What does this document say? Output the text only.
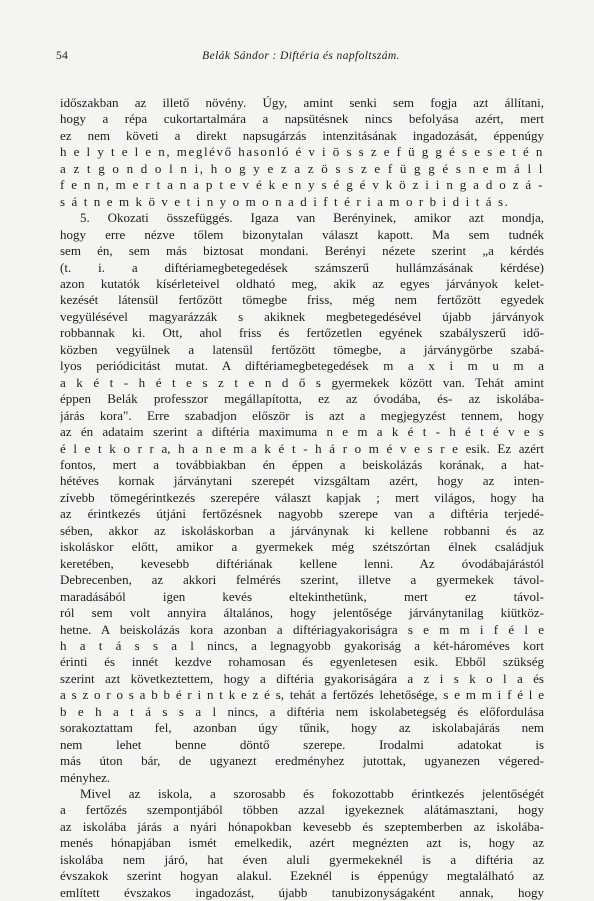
54	Belák Sándor : Diftéria és napfoltszám.
időszakban az illető növény. Úgy, amint senki sem fogja azt állítani,
hogy a répa cukortartalmára a napsütésnek nincs befolyása azért, mert
ez nem követi a direkt napsugárzás intenzitásának ingadozását, éppenúgy
h e l y t e l e n, meglévő hasonló é v i ö s s z e f ü g g é s e s e t é n
a z t g o n d o l n i, h o g y e z a z ö s s z e f ü g g é s n e m á l l
f e n n, m e r t a n a p t e v é k e n y s é g é v k ö z i i n g a d o z á -
s á t n e m k ö v e t i n y o m o n a d i f t é r i a m o r b i d i t á s.
5. Okozati összefüggés. Igaza van Berényinek, amikor azt mondja,
hogy erre nézve tőlem bizonytalan választ kapott. Ma sem tudnék
sem én, sem más biztosat mondani. Berényi nézete szerint „a kérdés
(t. i. a diftériamegbetegedések számszerű hullámzásának kérdése)
azon kutatók kísérleteivel oldható meg, akik az egyes járványok kelet-
kezését látensül fertőzött tömegbe friss, még nem fertőzött egyedek
vegyülésével magyarázzák s akiknek megbetegedésével újabb járványok
robbannak ki. Ott, ahol friss és fertőzetlen egyének szabályszerű idő-
közben vegyülnek a latensül fertőzött tömegbe, a járványgörbe szabá-
lyos periódicitást mutat. A diftériamegbetegedések m a x i m u m a
a k é t - h é t e s z t e n d ő s gyermekek között van. Tehát amint
éppen Belák professzor megállapította, ez az óvodába, és- az iskolába-
járás kora". Erre szabadjon először is azt a megjegyzést tennem, hogy
az én adataim szerint a diftéria maximuma n e m a k é t - h é t é v e s
é l e t k o r r a, h a n e m a k é t - h á r o m é v e s r e esik. Ez azért
fontos, mert a továbbiakban én éppen a beiskolázás korának, a hat-
hétéves kornak járványtani szerepét vizsgáltam azért, hogy az inten-
zívebb tömegérintkezés szerepére választ kapjak ; mert világos, hogy ha
az érintkezés útjáni fertőzésnek nagyobb szerepe van a diftéria terjedé-
sében, akkor az iskoláskorban a járványnak ki kellene robbanni és az
iskoláskor előtt, amikor a gyermekek még szétszórtan élnek családjuk
keretében, kevesebb diftériának kellene lenni. Az óvodábajárástól
Debrecenben, az akkori felmérés szerint, illetve a gyermekek távol-
maradásából igen kevés eltekinthetünk, mert ez távol-
ról sem volt annyira általános, hogy jelentősége járványtanilag kiütköz-
hetne. A beiskolázás kora azonban a diftériagyakoriságra s e m m i f é l e
h a t á s s a l nincs, a legnagyobb gyakoriság a két-hároméves kort
érinti és innét kezdve rohamosan és egyenletesen esik. Ebből szükség
szerint azt következtettem, hogy a diftéria gyakoriságára a z i s k o l a és
a s z o r o s a b b é r i n t k e z é s, tehát a fertőzés lehetősége, s e m m i f é l e
b e h a t á s s a l nincs, a diftéria nem iskolabetegség és előfordulása
sorakoztattam fel, azonban úgy tűnik, hogy az iskolabajárás nem
nem lehet benne döntő szerepe. Irodalmi adatokat is
más úton bár, de ugyanezt eredményhez jutottak, ugyanezen végered-
ményhez.
Mivel az iskola, a szorosabb és fokozottabb érintkezés jelentőségét
a fertőzés szempontjából többen azzal igyekeznek alátámasztani, hogy
az iskolába járás a nyári hónapokban kevesebb és szeptemberben az iskolába-
menés hónapjában ismét emelkedik, azért megnézten azt is, hogy az
iskolába nem járó, hat éven aluli gyermekeknél is a diftéria az
évszakok szerint hogyan alakul. Ezeknél is éppenúgy megtalálható az
említett évszakos ingadozást, újabb tanubizonyságaként annak, hogy
